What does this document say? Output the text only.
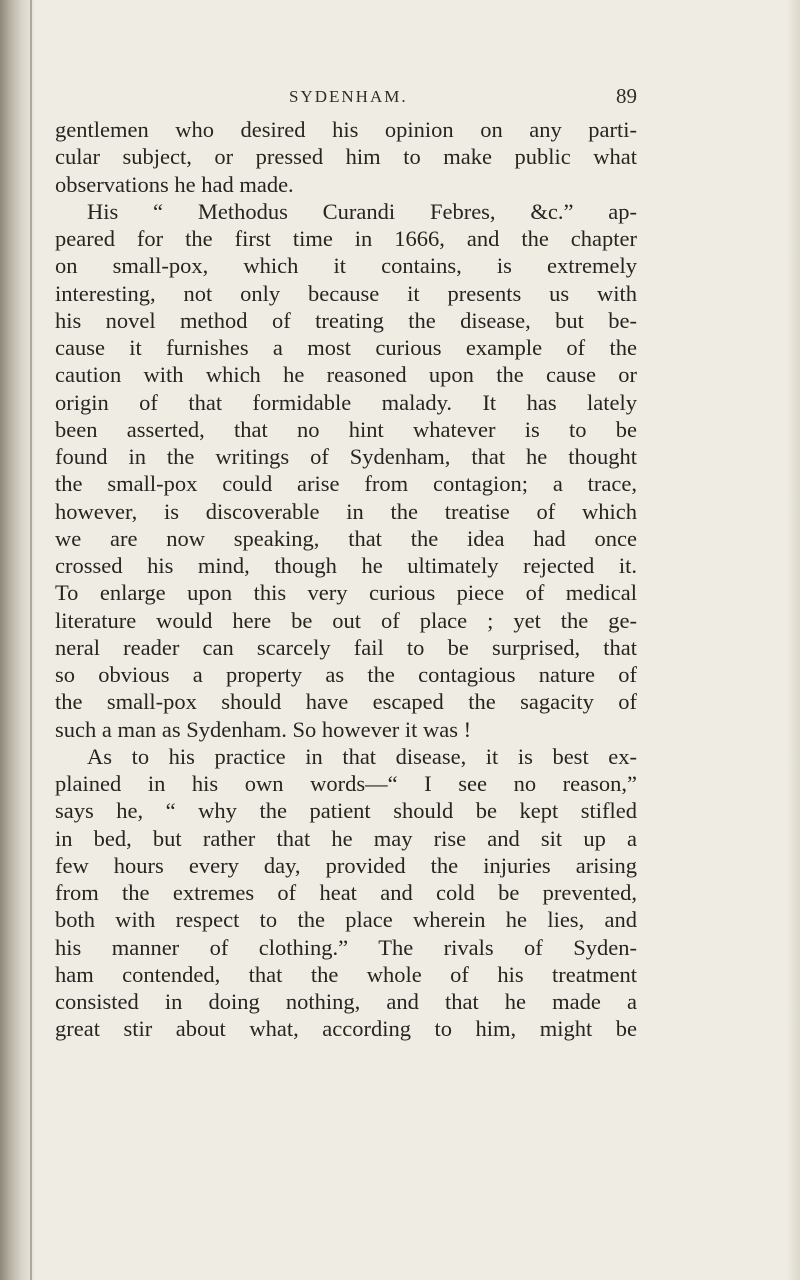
SYDENHAM.	89
gentlemen who desired his opinion on any parti-
cular subject, or pressed him to make public what
observations he had made.
His “ Methodus Curandi Febres, &c.” ap-
peared for the first time in 1666, and the chapter
on small-pox, which it contains, is extremely
interesting, not only because it presents us with
his novel method of treating the disease, but be-
cause it furnishes a most curious example of the
caution with which he reasoned upon the cause or
origin of that formidable malady. It has lately
been asserted, that no hint whatever is to be
found in the writings of Sydenham, that he thought
the small-pox could arise from contagion; a trace,
however, is discoverable in the treatise of which
we are now speaking, that the idea had once
crossed his mind, though he ultimately rejected it.
To enlarge upon this very curious piece of medical
literature would here be out of place ; yet the ge-
neral reader can scarcely fail to be surprised, that
so obvious a property as the contagious nature of
the small-pox should have escaped the sagacity of
such a man as Sydenham. So however it was !
As to his practice in that disease, it is best ex-
plained in his own words—“ I see no reason,”
says he, “ why the patient should be kept stifled
in bed, but rather that he may rise and sit up a
few hours every day, provided the injuries arising
from the extremes of heat and cold be prevented,
both with respect to the place wherein he lies, and
his manner of clothing.” The rivals of Syden-
ham contended, that the whole of his treatment
consisted in doing nothing, and that he made a
great stir about what, according to him, might be
